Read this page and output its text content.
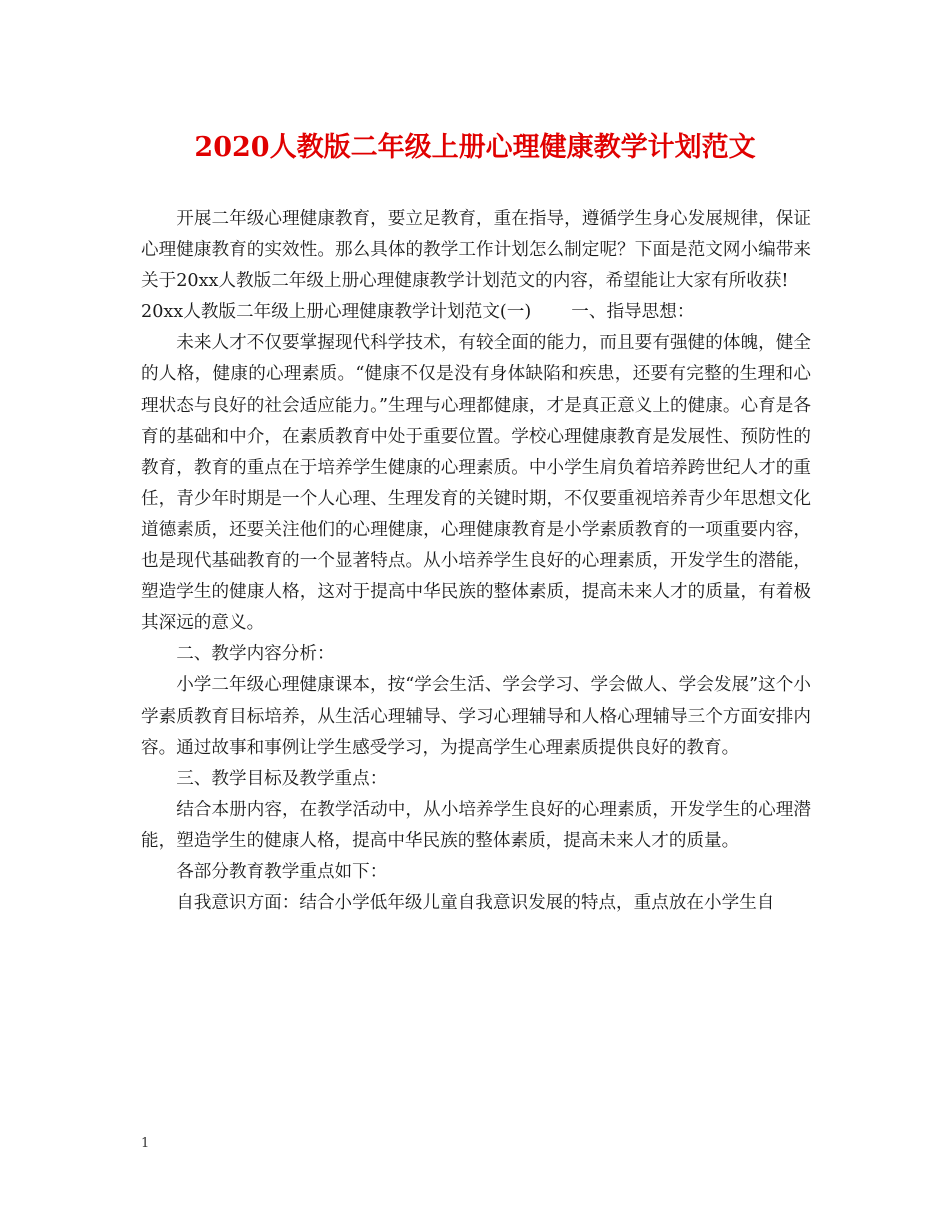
2020人教版二年级上册心理健康教学计划范文

开展二年级心理健康教育，要立足教育，重在指导，遵循学生身心发展规律，保证心理健康教育的实效性。那么具体的教学工作计划怎么制定呢？下面是范文网小编带来关于20xx人教版二年级上册心理健康教学计划范文的内容，希望能让大家有所收获!

20xx人教版二年级上册心理健康教学计划范文(一) 一、指导思想：

未来人才不仅要掌握现代科学技术，有较全面的能力，而且要有强健的体魄，健全的人格，健康的心理素质。“健康不仅是没有身体缺陷和疾患，还要有完整的生理和心理状态与良好的社会适应能力。”生理与心理都健康，才是真正意义上的健康。心育是各育的基础和中介，在素质教育中处于重要位置。学校心理健康教育是发展性、预防性的教育，教育的重点在于培养学生健康的心理素质。中小学生肩负着培养跨世纪人才的重任，青少年时期是一个人心理、生理发育的关键时期，不仅要重视培养青少年思想文化道德素质，还要关注他们的心理健康，心理健康教育是小学素质教育的一项重要内容，也是现代基础教育的一个显著特点。从小培养学生良好的心理素质，开发学生的潜能，塑造学生的健康人格，这对于提高中华民族的整体素质，提高未来人才的质量，有着极其深远的意义。

二、教学内容分析：

小学二年级心理健康课本，按“学会生活、学会学习、学会做人、学会发展”这个小学素质教育目标培养，从生活心理辅导、学习心理辅导和人格心理辅导三个方面安排内容。通过故事和事例让学生感受学习，为提高学生心理素质提供良好的教育。

三、教学目标及教学重点：

结合本册内容，在教学活动中，从小培养学生良好的心理素质，开发学生的心理潜能，塑造学生的健康人格，提高中华民族的整体素质，提高未来人才的质量。

各部分教育教学重点如下：

自我意识方面：结合小学低年级儿童自我意识发展的特点，重点放在小学生自

1
